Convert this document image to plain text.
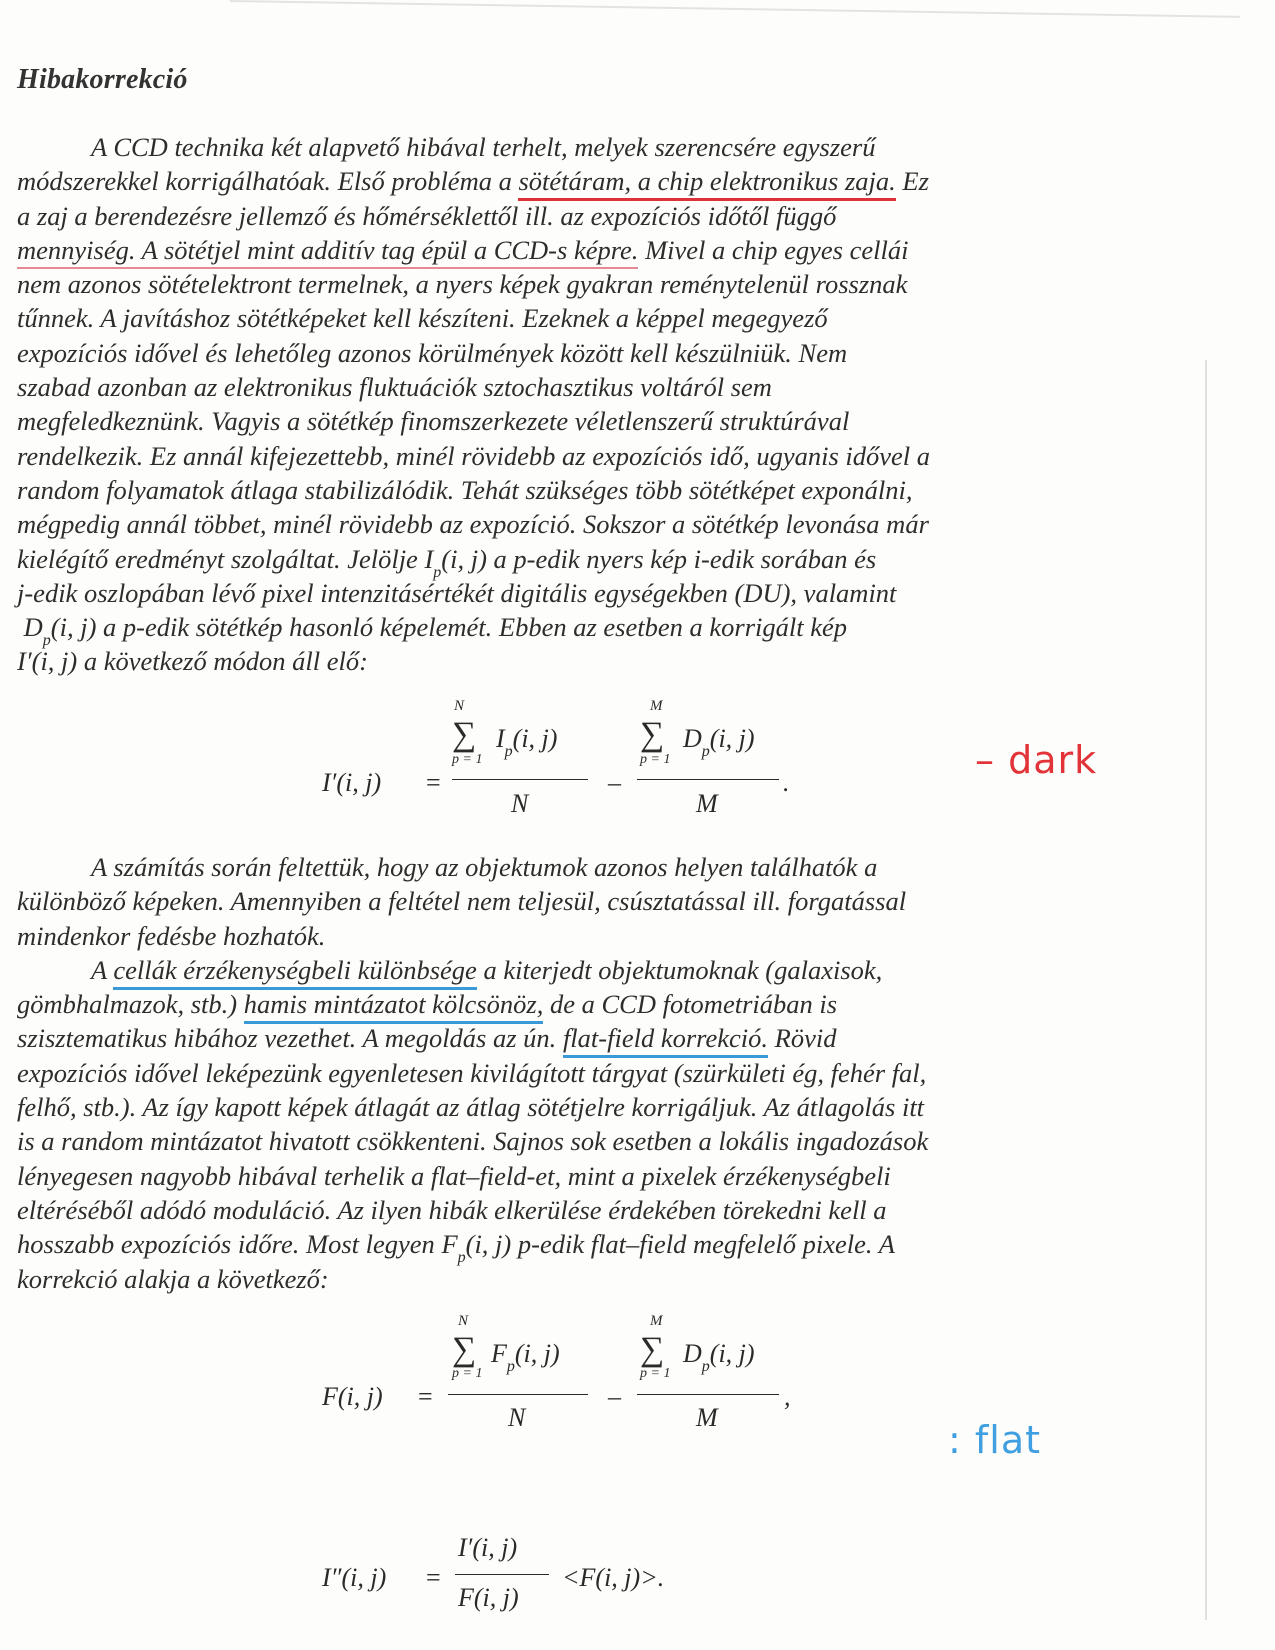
Hibakorrekció
A CCD technika két alapvető hibával terhelt, melyek szerencsére egyszerű
módszerekkel korrigálhatóak. Első probléma a sötétáram, a chip elektronikus zaja. Ez
a zaj a berendezésre jellemző és hőmérséklettől ill. az expozíciós időtől függő
mennyiség. A sötétjel mint additív tag épül a CCD-s képre. Mivel a chip egyes cellái
nem azonos sötételektront termelnek, a nyers képek gyakran reménytelenül rossznak
tűnnek. A javításhoz sötétképeket kell készíteni. Ezeknek a képpel megegyező
expozíciós idővel és lehetőleg azonos körülmények között kell készülniük. Nem
szabad azonban az elektronikus fluktuációk sztochasztikus voltáról sem
megfeledkeznünk. Vagyis a sötétkép finomszerkezete véletlenszerű struktúrával
rendelkezik. Ez annál kifejezettebb, minél rövidebb az expozíciós idő, ugyanis idővel a
random folyamatok átlaga stabilizálódik. Tehát szükséges több sötétképet exponálni,
mégpedig annál többet, minél rövidebb az expozíció. Sokszor a sötétkép levonása már
kielégítő eredményt szolgáltat. Jelölje $I_p(i$, j) a p-edik nyers kép i-edik sorában és
j-edik oszlopában lévő pixel intenzitásértékét digitális egységekben (DU), valamint
$D_p(i$, j) a p-edik sötétkép hasonló képelemét. Ebben az esetben a korrigált kép
I′(i, j) a következő módon áll elő:
I′(i, j) =
N
∑ $I_p(i$, j)
p = 1
N
–
M
∑ $D_p(i$, j)
p = 1
M
.
– dark
A számítás során feltettük, hogy az objektumok azonos helyen találhatók a
különböző képeken. Amennyiben a feltétel nem teljesül, csúsztatással ill. forgatással
mindenkor fedésbe hozhatók.
A cellák érzékenységbeli különbsége a kiterjedt objektumoknak (galaxisok,
gömbhalmazok, stb.) hamis mintázatot kölcsönöz, de a CCD fotometriában is
szisztematikus hibához vezethet. A megoldás az ún. flat-field korrekció. Rövid
expozíciós idővel leképezünk egyenletesen kivilágított tárgyat (szürkületi ég, fehér fal,
felhő, stb.). Az így kapott képek átlagát az átlag sötétjelre korrigáljuk. Az átlagolás itt
is a random mintázatot hivatott csökkenteni. Sajnos sok esetben a lokális ingadozások
lényegesen nagyobb hibával terhelik a flat–field-et, mint a pixelek érzékenységbeli
eltéréséből adódó moduláció. Az ilyen hibák elkerülése érdekében törekedni kell a
hosszabb expozíciós időre. Most legyen $F_p(i$, j) p-edik flat–field megfelelő pixele. A
korrekció alakja a következő:
F(i, j) =
N
∑ $F_p(i$, j)
p = 1
N
–
M
∑ $D_p(i$, j)
p = 1
M
,
: flat
I″(i, j) =
I′(i, j)
F(i, j)
<F(i, j)>.
